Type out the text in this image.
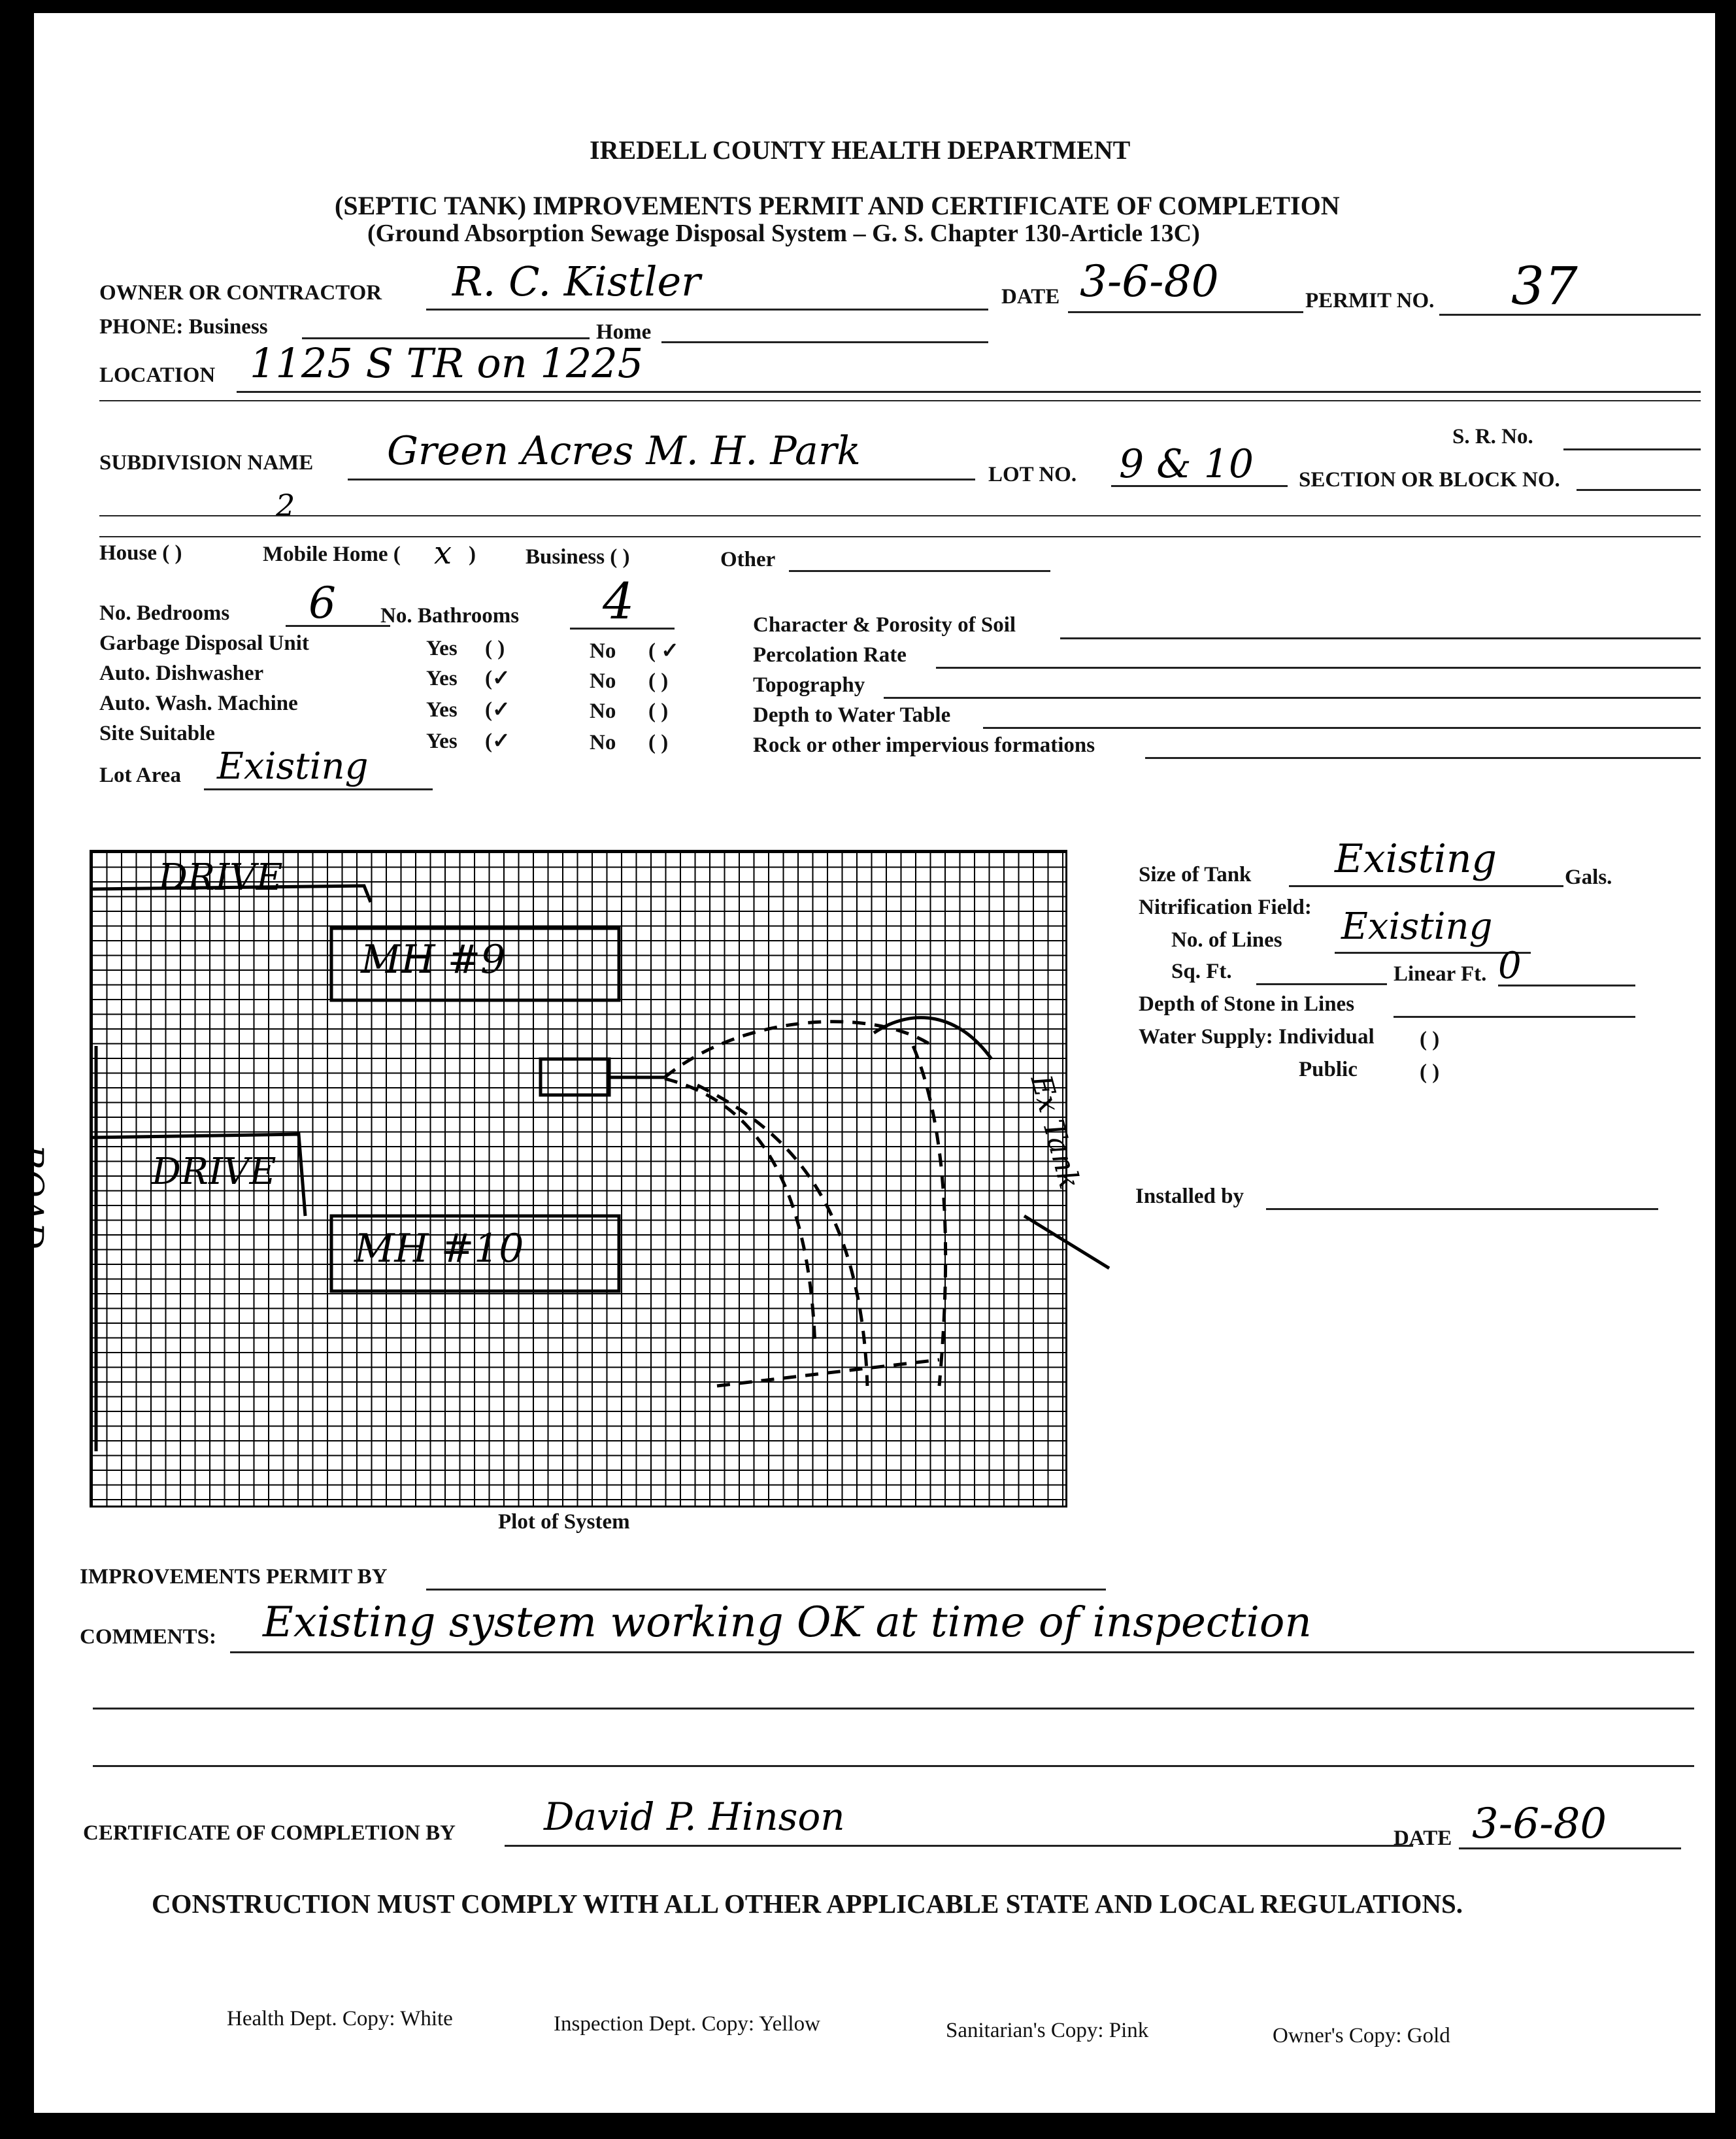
IREDELL COUNTY HEALTH DEPARTMENT
(SEPTIC TANK) IMPROVEMENTS PERMIT AND CERTIFICATE OF COMPLETION
(Ground Absorption Sewage Disposal System – G. S. Chapter 130-Article 13C)
OWNER OR CONTRACTOR R. C. Kistler	DATE 3-6-80	PERMIT NO. 37
PHONE: Business	Home
LOCATION 1125 S TR on 1225
S. R. No.
SUBDIVISION NAME Green Acres M. H. Park
LOT NO. 9 & 10 SECTION OR BLOCK NO.
2
House ( )	Mobile Home ( x ) Business ( )	Other
No. Bedrooms 6 No. Bathrooms 4
Garbage Disposal Unit	Yes ( )	No ( ✓
Auto. Dishwasher	Yes (✓	No ( )
Auto. Wash. Machine	Yes (✓	No ( )
Site Suitable	Yes (✓	No ( )
Lot Area Existing
Character & Porosity of Soil
Percolation Rate
Topography
Depth to Water Table
Rock or other impervious formations
DRIVE
MH #9
DRIVE
MH #10
ROAD
Ex Tank
Plot of System
Size of Tank Existing	Gals.
Nitrification Field:
No. of Lines Existing
Sq. Ft.	Linear Ft. 0
Depth of Stone in Lines
Water Supply: Individual ( )
Public	( )
Installed by
IMPROVEMENTS PERMIT BY
COMMENTS: Existing system working OK at time of inspection
CERTIFICATE OF COMPLETION BY David P. Hinson	DATE 3-6-80
CONSTRUCTION MUST COMPLY WITH ALL OTHER APPLICABLE STATE AND LOCAL REGULATIONS.
Health Dept. Copy: White	Inspection Dept. Copy: Yellow	Sanitarian's Copy: Pink	Owner's Copy: Gold
